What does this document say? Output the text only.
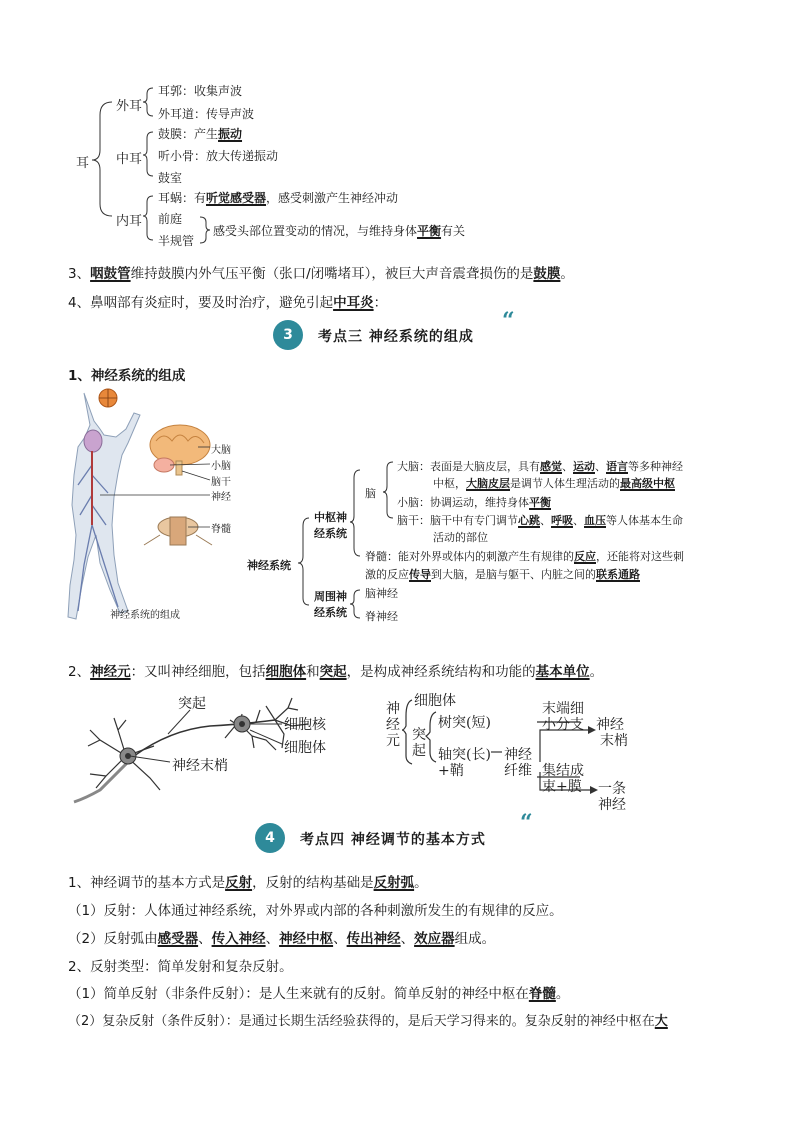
耳
外耳
耳郭：收集声波
外耳道：传导声波
中耳
鼓膜：产生振动
听小骨：放大传递振动
鼓室
内耳
耳蜗：有听觉感受器，感受刺激产生神经冲动
前庭
半规管
感受头部位置变动的情况，与维持身体平衡有关
3、咽鼓管维持鼓膜内外气压平衡（张口/闭嘴堵耳），被巨大声音震聋损伤的是鼓膜。
4、鼻咽部有炎症时，要及时治疗，避免引起中耳炎：
3	考点三 神经系统的组成
“
1、神经系统的组成
大脑
小脑
脑干
神经
脊髓
神经系统的组成
神经系统
中枢神
经系统
脑
大脑：表面是大脑皮层，具有感觉、运动、语言等多种神经
中枢，大脑皮层是调节人体生理活动的最高级中枢
小脑：协调运动，维持身体平衡
脑干：脑干中有专门调节心跳、呼吸、血压等人体基本生命
活动的部位
脊髓：能对外界或体内的刺激产生有规律的反应，还能将对这些刺
激的反应传导到大脑，是脑与躯干、内脏之间的联系通路
周围神
经系统
脑神经
脊神经
2、神经元：又叫神经细胞，包括细胞体和突起，是构成神经系统结构和功能的基本单位。
突起
细胞核
细胞体
神经末梢
神
经
元
细胞体
突
起
树突(短)
轴突(长)
+鞘
神经
纤维
末端细
小分支 神经
末梢
集结成
束+膜 一条
神经
4	考点四 神经调节的基本方式
“
1、神经调节的基本方式是反射，反射的结构基础是反射弧。
（1）反射：人体通过神经系统，对外界或内部的各种刺激所发生的有规律的反应。
（2）反射弧由感受器、传入神经、神经中枢、传出神经、效应器组成。
2、反射类型：简单发射和复杂反射。
（1）简单反射（非条件反射）：是人生来就有的反射。简单反射的神经中枢在脊髓。
（2）复杂反射（条件反射）：是通过长期生活经验获得的，是后天学习得来的。复杂反射的神经中枢在大
